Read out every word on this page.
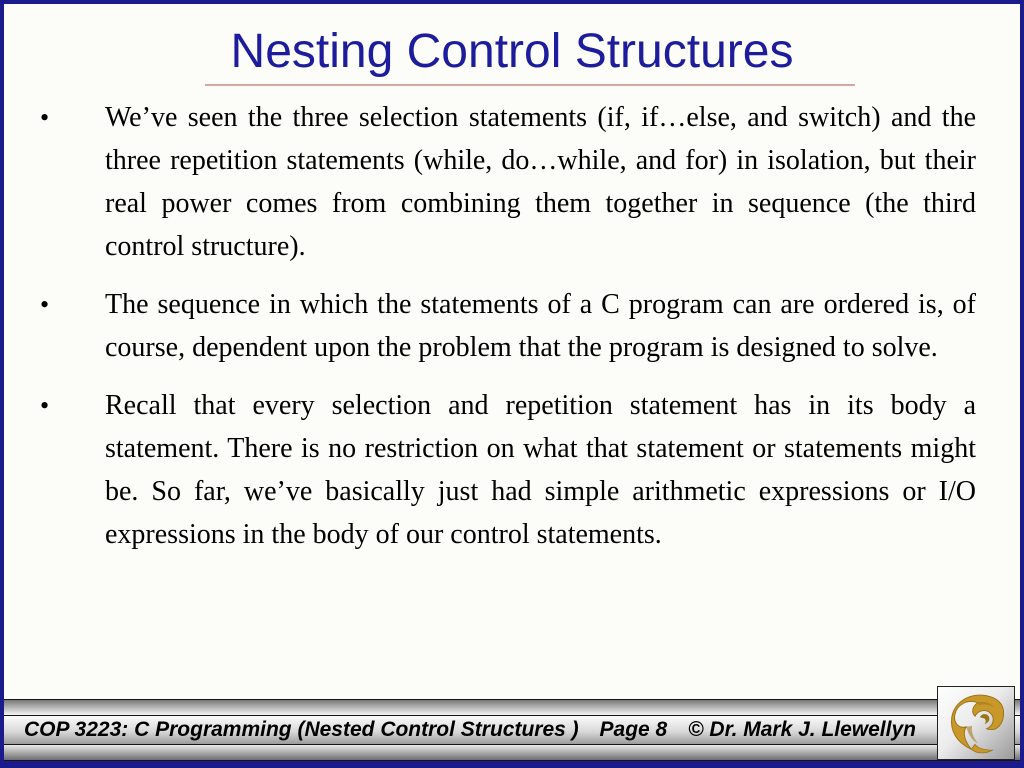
Nesting Control Structures
• We’ve seen the three selection statements (if, if…else, and switch) and the three repetition statements (while, do…while, and for) in isolation, but their real power comes from combining them together in sequence (the third control structure).
• The sequence in which the statements of a C program can are ordered is, of course, dependent upon the problem that the program is designed to solve.
• Recall that every selection and repetition statement has in its body a statement. There is no restriction on what that statement or statements might be. So far, we’ve basically just had simple arithmetic expressions or I/O expressions in the body of our control statements.
COP 3223: C Programming (Nested Control Structures ) Page 8 © Dr. Mark J. Llewellyn
